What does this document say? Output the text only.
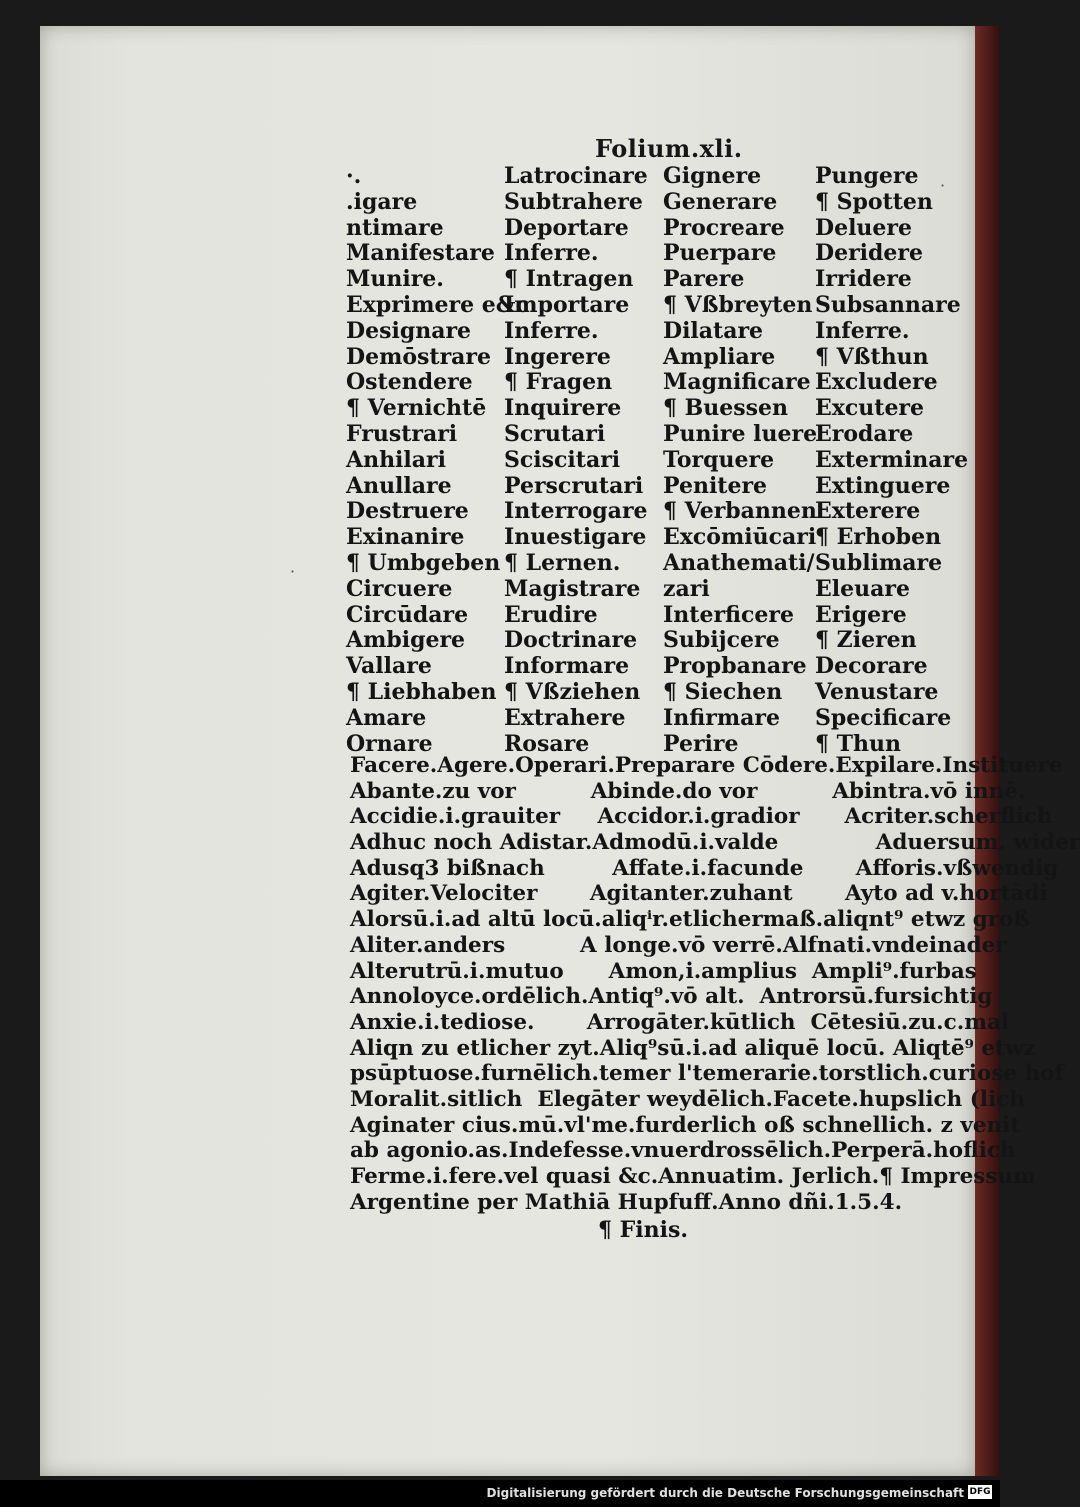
Folium.xli.
·.
.igare
ntimare
Manifestare
Munire.
Exprimere e&c
Designare
Demōstrare
Ostendere
¶ Vernichtē
Frustrari
Anhilari
Anullare
Destruere
Exinanire
¶ Umbgeben
Circuere
Circūdare
Ambigere
Vallare
¶ Liebhaben
Amare
Ornare
Latrocinare
Subtrahere
Deportare
Inferre.
¶ Intragen
Importare
Inferre.
Ingerere
¶ Fragen
Inquirere
Scrutari
Sciscitari
Perscrutari
Interrogare
Inuestigare
¶ Lernen.
Magistrare
Erudire
Doctrinare
Informare
¶ Vßziehen
Extrahere
Rosare
Gignere
Generare
Procreare
Puerpare
Parere
¶ Vßbreyten
Dilatare
Ampliare
Magnificare
¶ Buessen
Punire luere
Torquere
Penitere
¶ Verbannen
Excōmiūcari
Anathemati/
zari
Interficere
Subijcere
Propbanare
¶ Siechen
Infirmare
Perire
Pungere
¶ Spotten
Deluere
Deridere
Irridere
Subsannare
Inferre.
¶ Vßthun
Excludere
Excutere
Erodare
Exterminare
Extinguere
Exterere
¶ Erhoben
Sublimare
Eleuare
Erigere
¶ Zieren
Decorare
Venustare
Specificare
¶ Thun
Facere.Agere.Operari.Preparare Cōdere.Expilare.Instituere
Abante.zu vor          Abinde.do vor          Abintra.vō innē.
Accidie.i.grauiter     Accidor.i.gradior      Acriter.scherflich
Adhuc noch Adistar.Admodū.i.valde             Aduersum. wider
Adusq3 bißnach         Affate.i.facunde       Afforis.vßwendig
Agiter.Velociter       Agitanter.zuhant       Ayto ad v.hortādi
Alorsū.i.ad altū locū.aliqⁱr.etlichermaß.aliqnt⁹ etwz groß
Aliter.anders          A longe.vō verrē.Alfnati.vndeinader
Alterutrū.i.mutuo      Amon,i.amplius  Ampli⁹.furbas
Annoloyce.ordēlich.Antiq⁹.vō alt.  Antrorsū.fursichtig
Anxie.i.tediose.       Arrogāter.kūtlich  Cētesiū.zu.c.mal
Aliqn zu etlicher zyt.Aliq⁹sū.i.ad aliquē locū. Aliqtē⁹ etwz
psūptuose.furnēlich.temer l'temerarie.torstlich.curiose hof
Moralit.sitlich  Elegāter weydēlich.Facete.hupslich (lich
Aginater cius.mū.vl'me.furderlich oß schnellich. z venit
ab agonio.as.Indefesse.vnuerdrossēlich.Perperā.hoflich
Ferme.i.fere.vel quasi &c.Annuatim. Jerlich.¶ Impressum
Argentine per Mathiā Hupfuff.Anno dñi.1.5.4.
¶ Finis.
·
·
Digitalisierung gefördert durch die Deutsche Forschungsgemeinschaft DFG
